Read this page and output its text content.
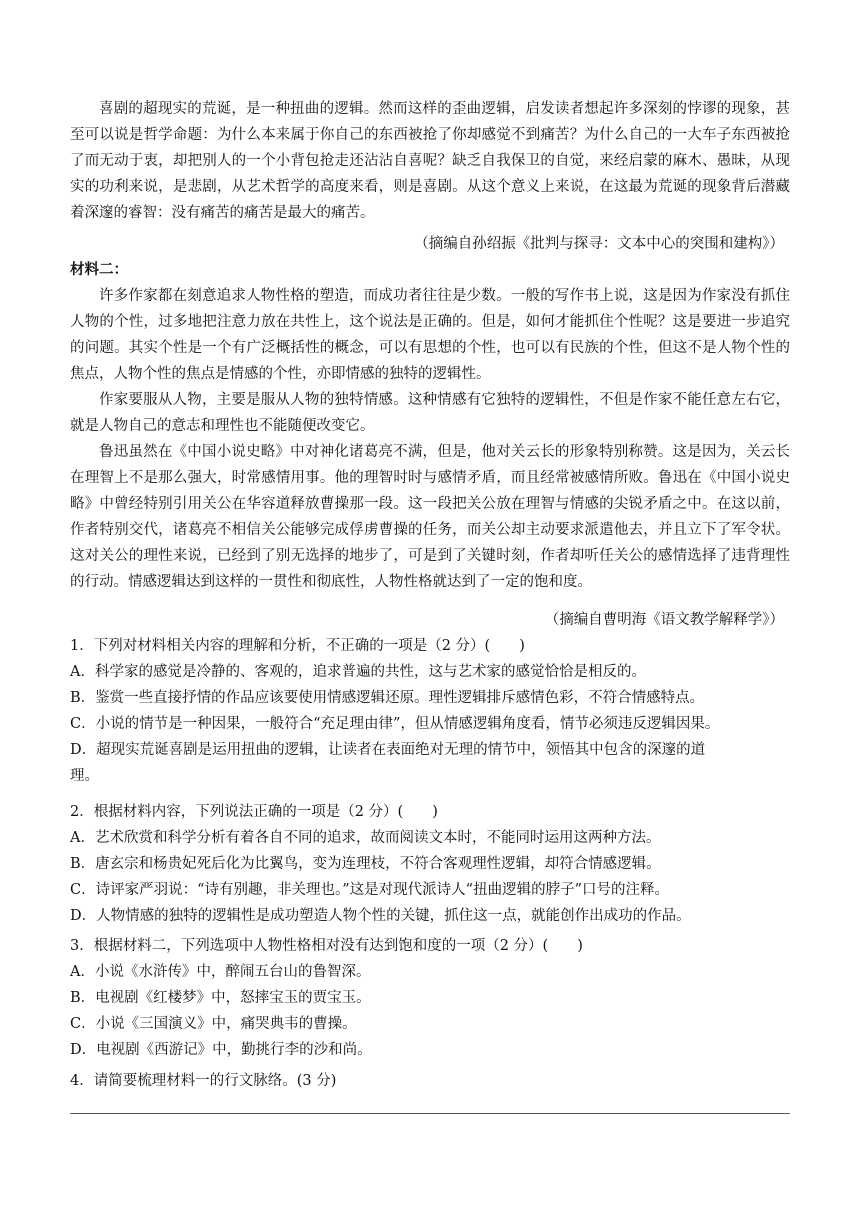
喜剧的超现实的荒诞，是一种扭曲的逻辑。然而这样的歪曲逻辑，启发读者想起许多深刻的悖谬的现象，甚至可以说是哲学命题：为什么本来属于你自己的东西被抢了你却感觉不到痛苦？为什么自己的一大车子东西被抢了而无动于衷，却把别人的一个小背包抢走还沾沾自喜呢？缺乏自我保卫的自觉，来经启蒙的麻木、愚昧，从现实的功利来说，是悲剧，从艺术哲学的高度来看，则是喜剧。从这个意义上来说，在这最为荒诞的现象背后潜藏着深邃的睿智：没有痛苦的痛苦是最大的痛苦。

（摘编自孙绍振《批判与探寻：文本中心的突围和建构》）
材料二：

许多作家都在刻意追求人物性格的塑造，而成功者往往是少数。一般的写作书上说，这是因为作家没有抓住人物的个性，过多地把注意力放在共性上，这个说法是正确的。但是，如何才能抓住个性呢？这是要进一步追究的问题。其实个性是一个有广泛概括性的概念，可以有思想的个性，也可以有民族的个性，但这不是人物个性的焦点，人物个性的焦点是情感的个性，亦即情感的独特的逻辑性。

作家要服从人物，主要是服从人物的独特情感。这种情感有它独特的逻辑性，不但是作家不能任意左右它，就是人物自己的意志和理性也不能随便改变它。

鲁迅虽然在《中国小说史略》中对神化诸葛亮不满，但是，他对关云长的形象特别称赞。这是因为，关云长在理智上不是那么强大，时常感情用事。他的理智时时与感情矛盾，而且经常被感情所败。鲁迅在《中国小说史略》中曾经特别引用关公在华容道释放曹操那一段。这一段把关公放在理智与情感的尖锐矛盾之中。在这以前，作者特别交代，诸葛亮不相信关公能够完成俘虏曹操的任务，而关公却主动要求派遣他去，并且立下了军令状。这对关公的理性来说，已经到了别无选择的地步了，可是到了关键时刻，作者却听任关公的感情选择了违背理性的行动。情感逻辑达到这样的一贯性和彻底性，人物性格就达到了一定的饱和度。

（摘编自曹明海《语文教学解释学》）

1．下列对材料相关内容的理解和分析，不正确的一项是（2 分）(　　)

A．科学家的感觉是冷静的、客观的，追求普遍的共性，这与艺术家的感觉恰恰是相反的。

B．鉴赏一些直接抒情的作品应该要使用情感逻辑还原。理性逻辑排斥感情色彩，不符合情感特点。

C．小说的情节是一种因果，一般符合“充足理由律”，但从情感逻辑角度看，情节必须违反逻辑因果。

D．超现实荒诞喜剧是运用扭曲的逻辑，让读者在表面绝对无理的情节中，领悟其中包含的深邃的道

理。

2．根据材料内容，下列说法正确的一项是（2 分）(　　)

A．艺术欣赏和科学分析有着各自不同的追求，故而阅读文本时，不能同时运用这两种方法。

B．唐玄宗和杨贵妃死后化为比翼鸟，变为连理枝，不符合客观理性逻辑，却符合情感逻辑。

C．诗评家严羽说：“诗有别趣，非关理也。”这是对现代派诗人“扭曲逻辑的脖子”口号的注释。

D．人物情感的独特的逻辑性是成功塑造人物个性的关键，抓住这一点，就能创作出成功的作品。

3．根据材料二，下列选项中人物性格相对没有达到饱和度的一项（2 分）(　　)

A．小说《水浒传》中，醉闹五台山的鲁智深。

B．电视剧《红楼梦》中，怒摔宝玉的贾宝玉。

C．小说《三国演义》中，痛哭典韦的曹操。

D．电视剧《西游记》中，勤挑行李的沙和尚。

4．请简要梳理材料一的行文脉络。(3 分)
